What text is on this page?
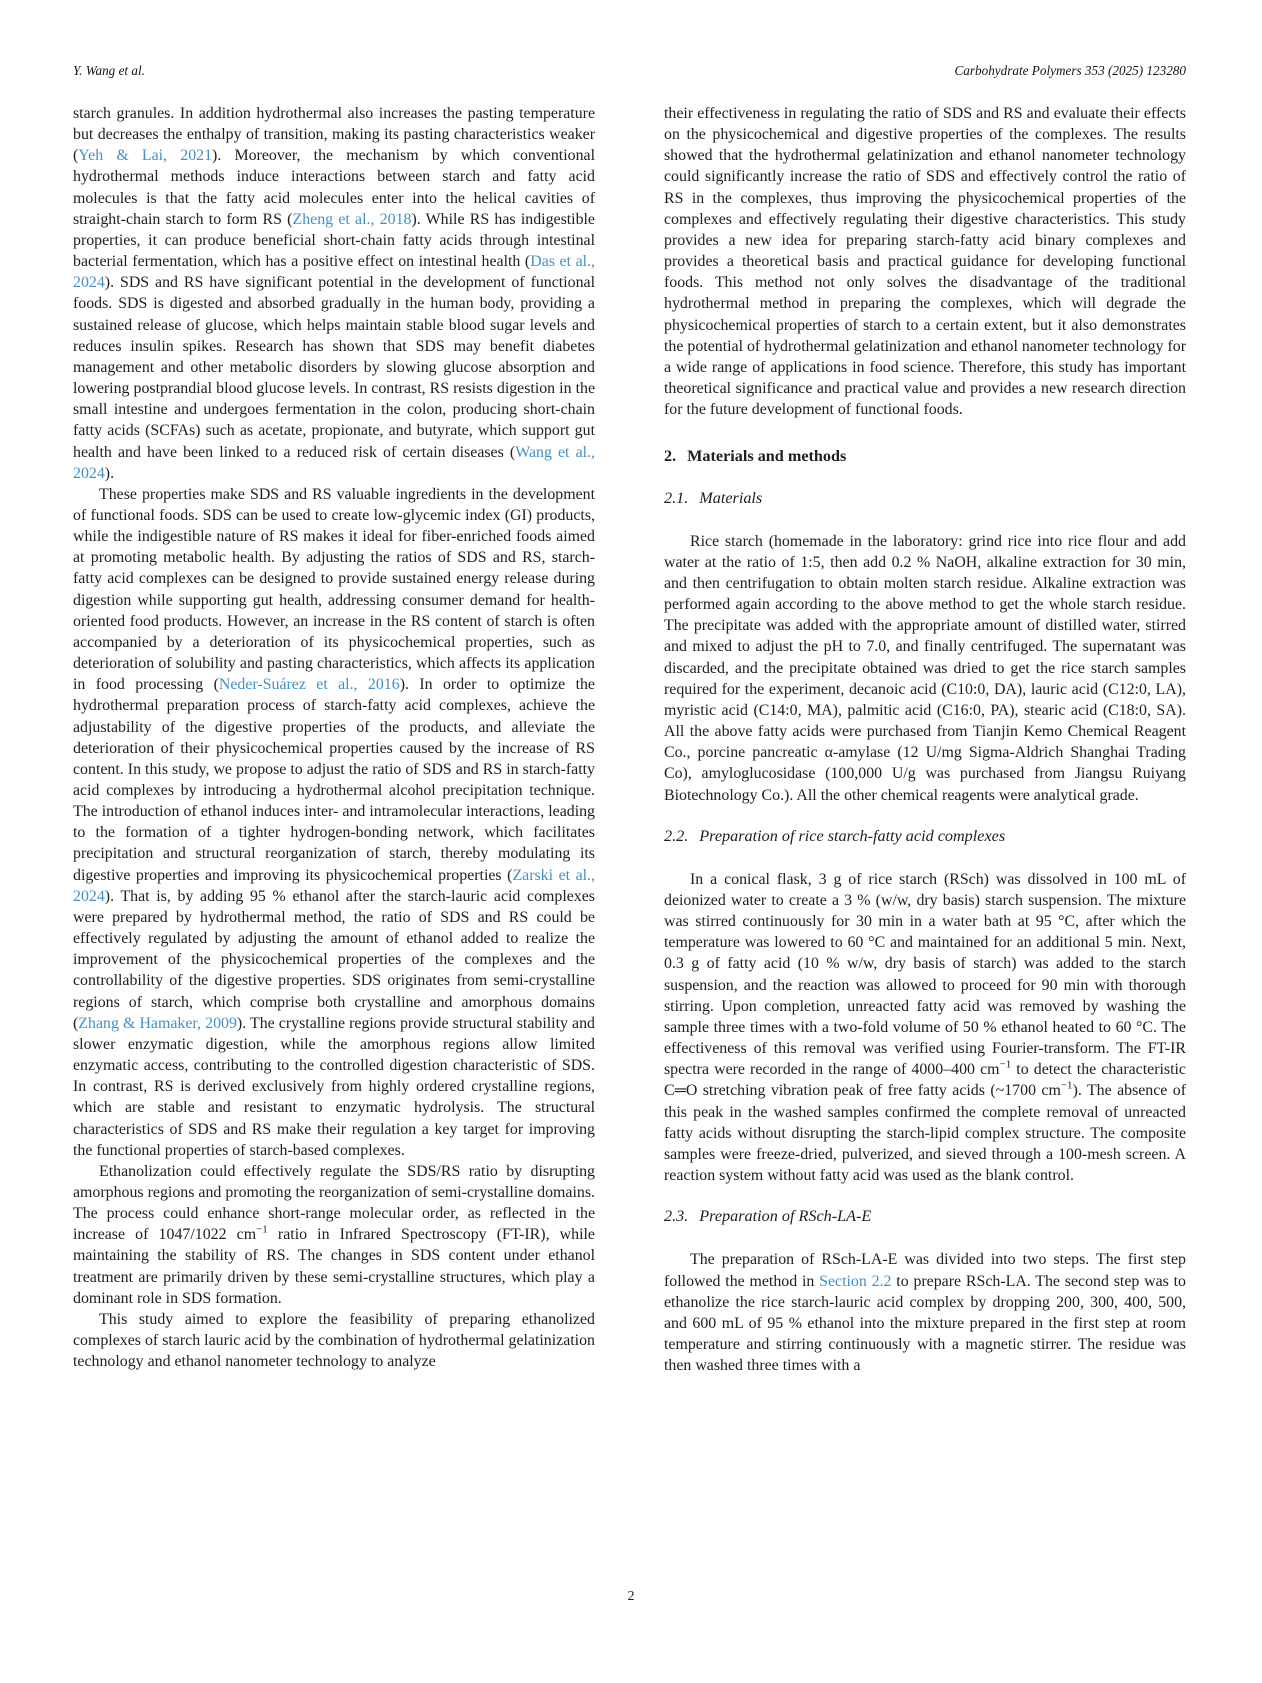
Y. Wang et al.	Carbohydrate Polymers 353 (2025) 123280

starch granules. In addition hydrothermal also increases the pasting temperature but decreases the enthalpy of transition, making its pasting characteristics weaker (Yeh & Lai, 2021). Moreover, the mechanism by which conventional hydrothermal methods induce interactions between starch and fatty acid molecules is that the fatty acid molecules enter into the helical cavities of straight-chain starch to form RS (Zheng et al., 2018). While RS has indigestible properties, it can produce beneficial short-chain fatty acids through intestinal bacterial fermentation, which has a positive effect on intestinal health (Das et al., 2024). SDS and RS have significant potential in the development of functional foods. SDS is digested and absorbed gradually in the human body, providing a sustained release of glucose, which helps maintain stable blood sugar levels and reduces insulin spikes. Research has shown that SDS may benefit diabetes management and other metabolic disorders by slowing glucose absorption and lowering postprandial blood glucose levels. In contrast, RS resists digestion in the small intestine and undergoes fermentation in the colon, producing short-chain fatty acids (SCFAs) such as acetate, propionate, and butyrate, which support gut health and have been linked to a reduced risk of certain diseases (Wang et al., 2024).

These properties make SDS and RS valuable ingredients in the development of functional foods. SDS can be used to create low-glycemic index (GI) products, while the indigestible nature of RS makes it ideal for fiber-enriched foods aimed at promoting metabolic health. By adjusting the ratios of SDS and RS, starch-fatty acid complexes can be designed to provide sustained energy release during digestion while supporting gut health, addressing consumer demand for health-oriented food products. However, an increase in the RS content of starch is often accompanied by a deterioration of its physicochemical properties, such as deterioration of solubility and pasting characteristics, which affects its application in food processing (Neder-Suárez et al., 2016). In order to optimize the hydrothermal preparation process of starch-fatty acid complexes, achieve the adjustability of the digestive properties of the products, and alleviate the deterioration of their physicochemical properties caused by the increase of RS content. In this study, we propose to adjust the ratio of SDS and RS in starch-fatty acid complexes by introducing a hydrothermal alcohol precipitation technique. The introduction of ethanol induces inter- and intramolecular interactions, leading to the formation of a tighter hydrogen-bonding network, which facilitates precipitation and structural reorganization of starch, thereby modulating its digestive properties and improving its physicochemical properties (Zarski et al., 2024). That is, by adding 95 % ethanol after the starch-lauric acid complexes were prepared by hydrothermal method, the ratio of SDS and RS could be effectively regulated by adjusting the amount of ethanol added to realize the improvement of the physicochemical properties of the complexes and the controllability of the digestive properties. SDS originates from semi-crystalline regions of starch, which comprise both crystalline and amorphous domains (Zhang & Hamaker, 2009). The crystalline regions provide structural stability and slower enzymatic digestion, while the amorphous regions allow limited enzymatic access, contributing to the controlled digestion characteristic of SDS. In contrast, RS is derived exclusively from highly ordered crystalline regions, which are stable and resistant to enzymatic hydrolysis. The structural characteristics of SDS and RS make their regulation a key target for improving the functional properties of starch-based complexes.

Ethanolization could effectively regulate the SDS/RS ratio by disrupting amorphous regions and promoting the reorganization of semi-crystalline domains. The process could enhance short-range molecular order, as reflected in the increase of 1047/1022 $cm^{-1}$ ratio in Infrared Spectroscopy (FT-IR), while maintaining the stability of RS. The changes in SDS content under ethanol treatment are primarily driven by these semi-crystalline structures, which play a dominant role in SDS formation.

This study aimed to explore the feasibility of preparing ethanolized complexes of starch lauric acid by the combination of hydrothermal gelatinization technology and ethanol nanometer technology to analyze

their effectiveness in regulating the ratio of SDS and RS and evaluate their effects on the physicochemical and digestive properties of the complexes. The results showed that the hydrothermal gelatinization and ethanol nanometer technology could significantly increase the ratio of SDS and effectively control the ratio of RS in the complexes, thus improving the physicochemical properties of the complexes and effectively regulating their digestive characteristics. This study provides a new idea for preparing starch-fatty acid binary complexes and provides a theoretical basis and practical guidance for developing functional foods. This method not only solves the disadvantage of the traditional hydrothermal method in preparing the complexes, which will degrade the physicochemical properties of starch to a certain extent, but it also demonstrates the potential of hydrothermal gelatinization and ethanol nanometer technology for a wide range of applications in food science. Therefore, this study has important theoretical significance and practical value and provides a new research direction for the future development of functional foods.

2. Materials and methods
2.1. Materials

Rice starch (homemade in the laboratory: grind rice into rice flour and add water at the ratio of 1:5, then add 0.2 % NaOH, alkaline extraction for 30 min, and then centrifugation to obtain molten starch residue. Alkaline extraction was performed again according to the above method to get the whole starch residue. The precipitate was added with the appropriate amount of distilled water, stirred and mixed to adjust the pH to 7.0, and finally centrifuged. The supernatant was discarded, and the precipitate obtained was dried to get the rice starch samples required for the experiment, decanoic acid (C10:0, DA), lauric acid (C12:0, LA), myristic acid (C14:0, MA), palmitic acid (C16:0, PA), stearic acid (C18:0, SA). All the above fatty acids were purchased from Tianjin Kemo Chemical Reagent Co., porcine pancreatic α-amylase (12 U/mg Sigma-Aldrich Shanghai Trading Co), amyloglucosidase (100,000 U/g was purchased from Jiangsu Ruiyang Biotechnology Co.). All the other chemical reagents were analytical grade.

2.2. Preparation of rice starch-fatty acid complexes

In a conical flask, 3 g of rice starch (RSch) was dissolved in 100 mL of deionized water to create a 3 % (w/w, dry basis) starch suspension. The mixture was stirred continuously for 30 min in a water bath at 95 °C, after which the temperature was lowered to 60 °C and maintained for an additional 5 min. Next, 0.3 g of fatty acid (10 % w/w, dry basis of starch) was added to the starch suspension, and the reaction was allowed to proceed for 90 min with thorough stirring. Upon completion, unreacted fatty acid was removed by washing the sample three times with a two-fold volume of 50 % ethanol heated to 60 °C. The effectiveness of this removal was verified using Fourier-transform. The FT-IR spectra were recorded in the range of 4000–400 $cm^{-1}$ to detect the characteristic C═O stretching vibration peak of free fatty acids (~1700 $cm^{-1}$). The absence of this peak in the washed samples confirmed the complete removal of unreacted fatty acids without disrupting the starch-lipid complex structure. The composite samples were freeze-dried, pulverized, and sieved through a 100-mesh screen. A reaction system without fatty acid was used as the blank control.

2.3. Preparation of RSch-LA-E

The preparation of RSch-LA-E was divided into two steps. The first step followed the method in Section 2.2 to prepare RSch-LA. The second step was to ethanolize the rice starch-lauric acid complex by dropping 200, 300, 400, 500, and 600 mL of 95 % ethanol into the mixture prepared in the first step at room temperature and stirring continuously with a magnetic stirrer. The residue was then washed three times with a

2
